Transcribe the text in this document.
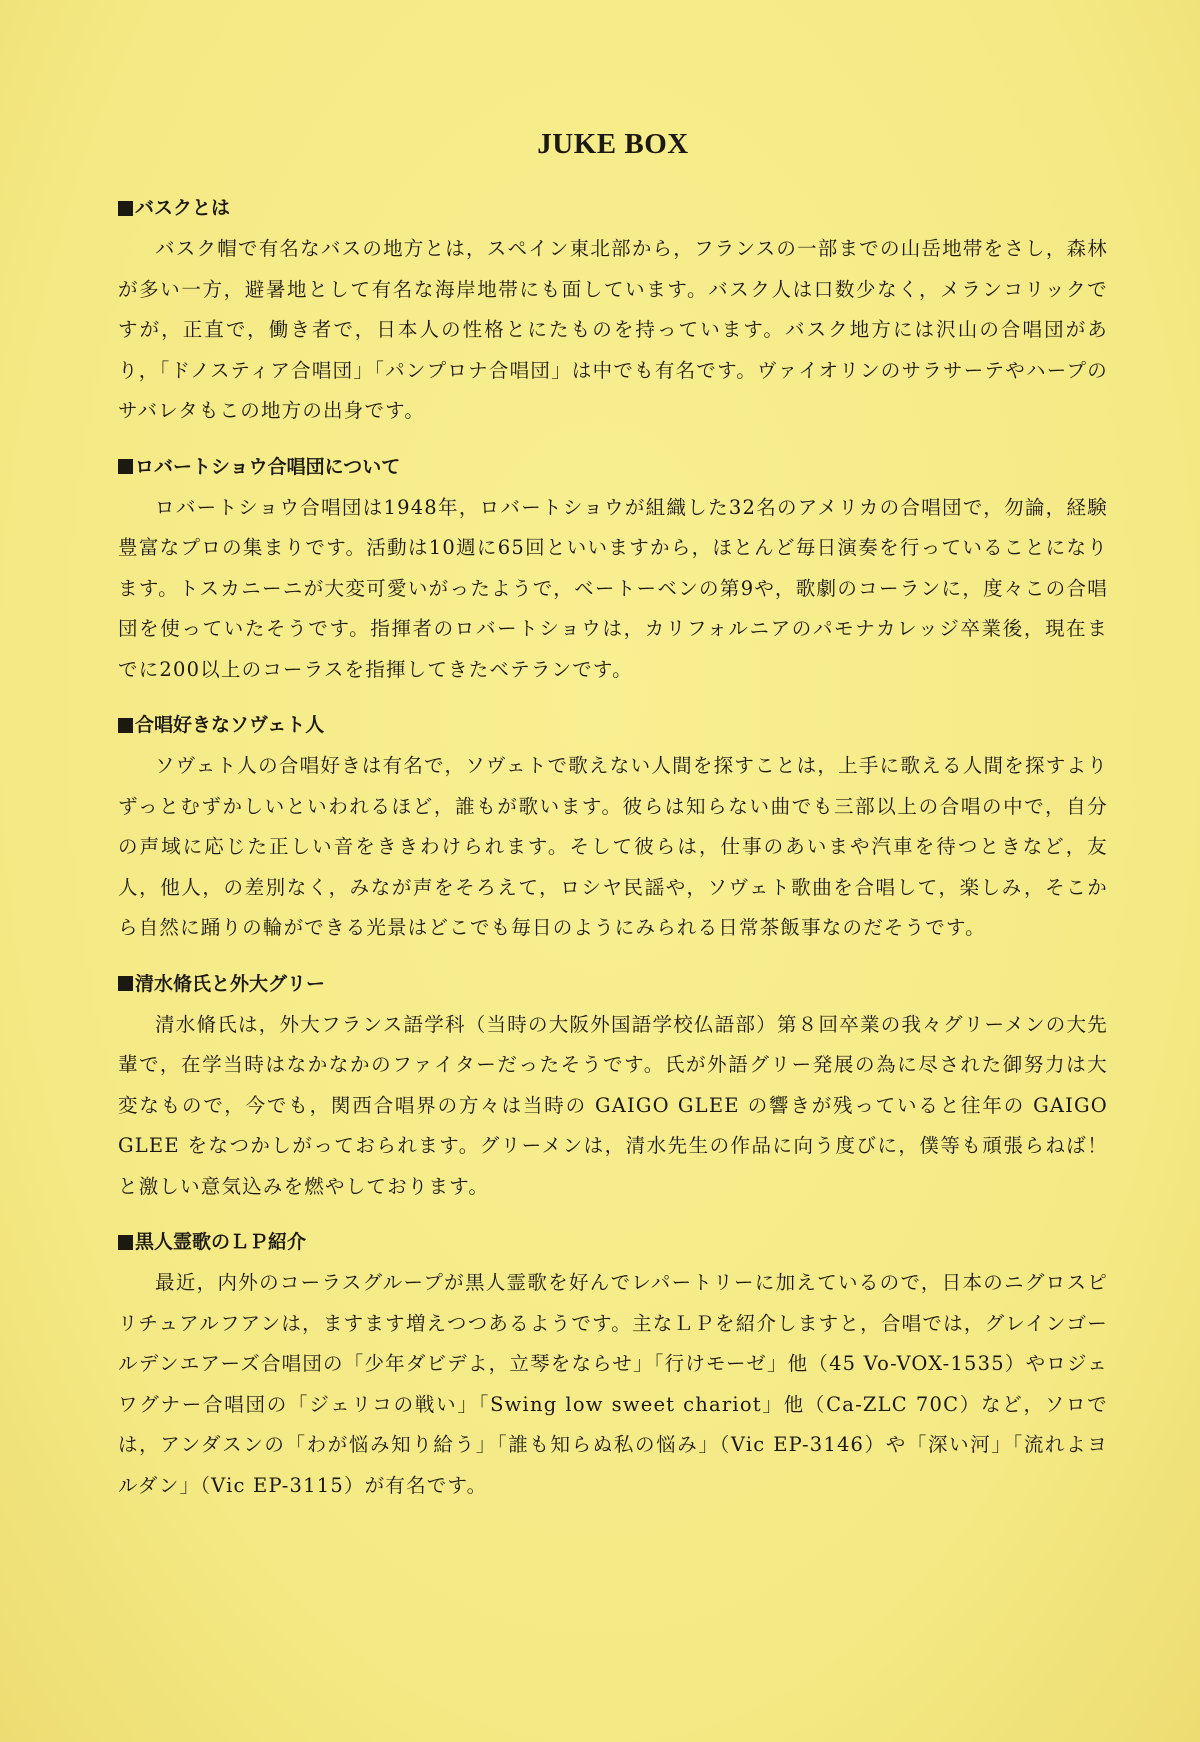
JUKE BOX
バスクとは

バスク帽で有名なバスの地方とは，スペイン東北部から，フランスの一部までの山岳地帯をさし，森林が多い一方，避暑地として有名な海岸地帯にも面しています。バスク人は口数少なく，メランコリックですが，正直で，働き者で，日本人の性格とにたものを持っています。バスク地方には沢山の合唱団があり，「ドノスティア合唱団」「パンプロナ合唱団」は中でも有名です。ヴァイオリンのサラサーテやハープのサバレタもこの地方の出身です。

ロバートショウ合唱団について

ロバートショウ合唱団は1948年，ロバートショウが組織した32名のアメリカの合唱団で，勿論，経験豊富なプロの集まりです。活動は10週に65回といいますから，ほとんど毎日演奏を行っていることになります。トスカニーニが大変可愛いがったようで，ベートーベンの第9や，歌劇のコーランに，度々この合唱団を使っていたそうです。指揮者のロバートショウは，カリフォルニアのパモナカレッジ卒業後，現在までに200以上のコーラスを指揮してきたベテランです。

合唱好きなソヴェト人

ソヴェト人の合唱好きは有名で，ソヴェトで歌えない人間を探すことは，上手に歌える人間を探すよりずっとむずかしいといわれるほど，誰もが歌います。彼らは知らない曲でも三部以上の合唱の中で，自分の声域に応じた正しい音をききわけられます。そして彼らは，仕事のあいまや汽車を待つときなど，友人，他人，の差別なく，みなが声をそろえて，ロシヤ民謡や，ソヴェト歌曲を合唱して，楽しみ，そこから自然に踊りの輪ができる光景はどこでも毎日のようにみられる日常茶飯事なのだそうです。

清水脩氏と外大グリー

清水脩氏は，外大フランス語学科（当時の大阪外国語学校仏語部）第８回卒業の我々グリーメンの大先輩で，在学当時はなかなかのファイターだったそうです。氏が外語グリー発展の為に尽された御努力は大変なもので，今でも，関西合唱界の方々は当時の GAIGO GLEE の響きが残っていると往年の GAIGO GLEE をなつかしがっておられます。グリーメンは，清水先生の作品に向う度びに，僕等も頑張らねば！　と激しい意気込みを燃やしております。

黒人霊歌のＬＰ紹介

最近，内外のコーラスグループが黒人霊歌を好んでレパートリーに加えているので，日本のニグロスピリチュアルフアンは，ますます増えつつあるようです。主なＬＰを紹介しますと，合唱では，グレインゴールデンエアーズ合唱団の「少年ダビデよ，立琴をならせ」「行けモーゼ」他（45 Vo-VOX-1535）やロジェワグナー合唱団の「ジェリコの戦い」「Swing low sweet chariot」他（Ca-ZLC 70C）など，ソロでは，アンダスンの「わが悩み知り給う」「誰も知らぬ私の悩み」（Vic EP-3146）や「深い河」「流れよヨルダン」（Vic EP-3115）が有名です。
